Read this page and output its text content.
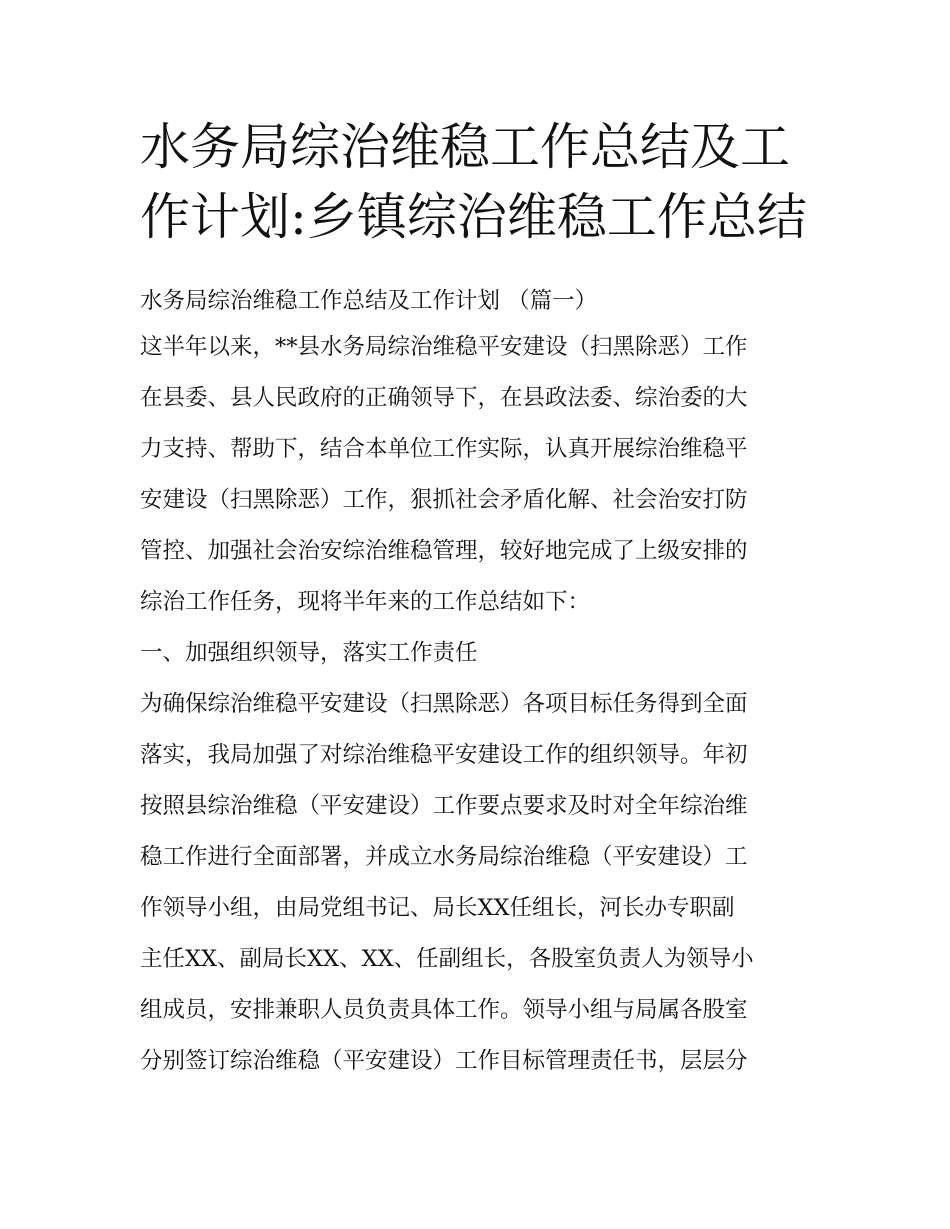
水务局综治维稳工作总结及工
作计划:乡镇综治维稳工作总结
水务局综治维稳工作总结及工作计划 （篇一）
这半年以来，**县水务局综治维稳平安建设（扫黑除恶）工作
在县委、县人民政府的正确领导下，在县政法委、综治委的大
力支持、帮助下，结合本单位工作实际，认真开展综治维稳平
安建设（扫黑除恶）工作，狠抓社会矛盾化解、社会治安打防
管控、加强社会治安综治维稳管理，较好地完成了上级安排的
综治工作任务，现将半年来的工作总结如下：
一、加强组织领导，落实工作责任
为确保综治维稳平安建设（扫黑除恶）各项目标任务得到全面
落实，我局加强了对综治维稳平安建设工作的组织领导。年初
按照县综治维稳（平安建设）工作要点要求及时对全年综治维
稳工作进行全面部署，并成立水务局综治维稳（平安建设）工
作领导小组，由局党组书记、局长XX任组长，河长办专职副
主任XX、副局长XX、XX、任副组长，各股室负责人为领导小
组成员，安排兼职人员负责具体工作。领导小组与局属各股室
分别签订综治维稳（平安建设）工作目标管理责任书，层层分
